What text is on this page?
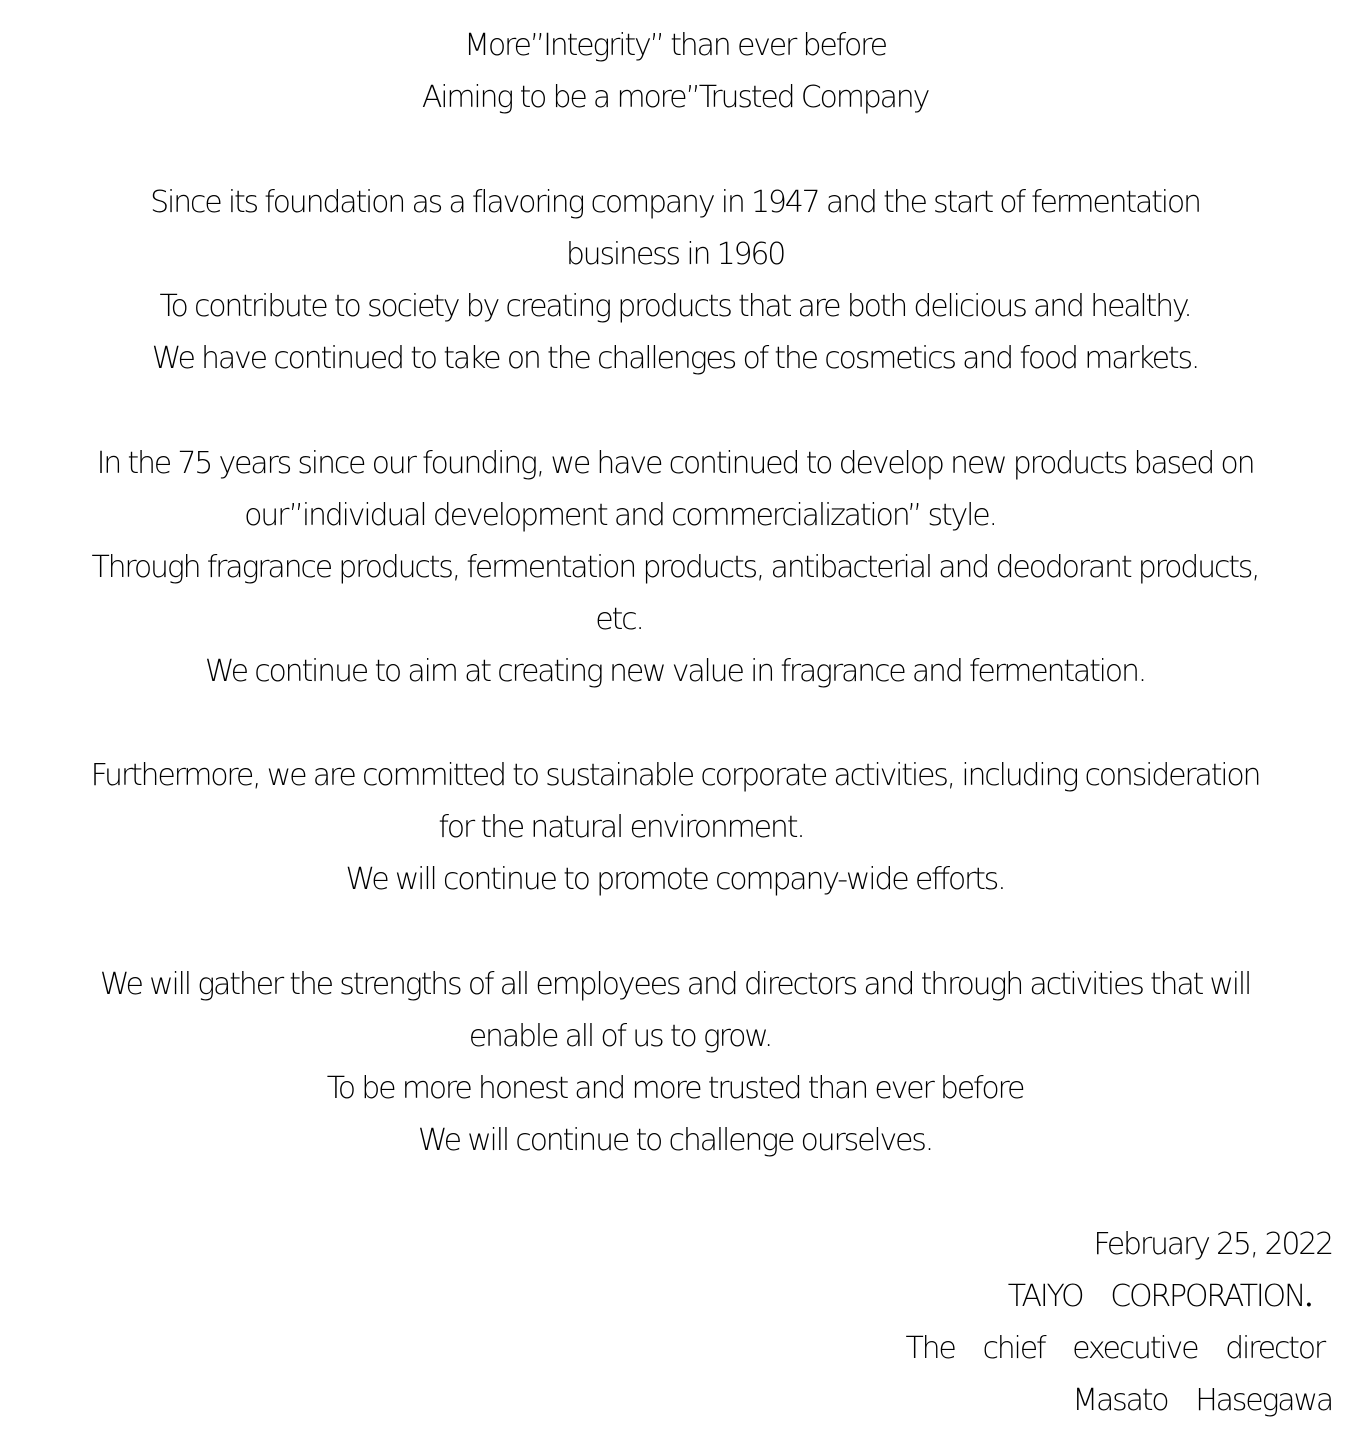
More”Integrity” than ever before
Aiming to be a more”Trusted Company
Since its foundation as a flavoring company in 1947 and the start of fermentation
business in 1960
To contribute to society by creating products that are both delicious and healthy.
We have continued to take on the challenges of the cosmetics and food markets.
In the 75 years since our founding, we have continued to develop new products based on
our”individual development and commercialization” style.
Through fragrance products, fermentation products, antibacterial and deodorant products,
etc.
We continue to aim at creating new value in fragrance and fermentation.
Furthermore, we are committed to sustainable corporate activities, including consideration
for the natural environment.
We will continue to promote company-wide efforts.
We will gather the strengths of all employees and directors and through activities that will
enable all of us to grow.
To be more honest and more trusted than ever before
We will continue to challenge ourselves.
February 25, 2022
TAIYO　CORPORATION．
The　chief　executive　director
Masato　Hasegawa
